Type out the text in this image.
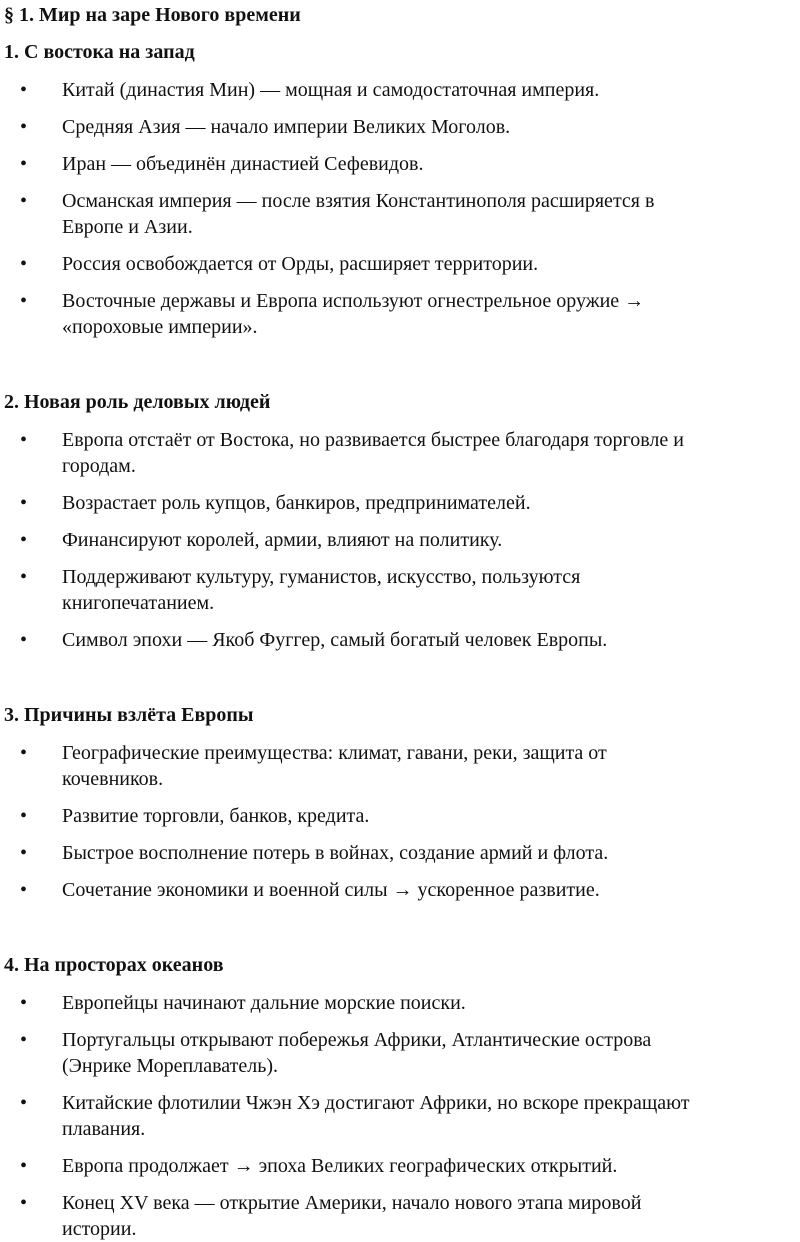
§ 1. Мир на заре Нового времени
1. С востока на запад
• Китай (династия Мин) — мощная и самодостаточная империя.
• Средняя Азия — начало империи Великих Моголов.
• Иран — объединён династией Сефевидов.
• Османская империя — после взятия Константинополя расширяется в
Европе и Азии.
• Россия освобождается от Орды, расширяет территории.
• Восточные державы и Европа используют огнестрельное оружие →
«пороховые империи».
2. Новая роль деловых людей
• Европа отстаёт от Востока, но развивается быстрее благодаря торговле и
городам.
• Возрастает роль купцов, банкиров, предпринимателей.
• Финансируют королей, армии, влияют на политику.
• Поддерживают культуру, гуманистов, искусство, пользуются
книгопечатанием.
• Символ эпохи — Якоб Фуггер, самый богатый человек Европы.
3. Причины взлёта Европы
• Географические преимущества: климат, гавани, реки, защита от
кочевников.
• Развитие торговли, банков, кредита.
• Быстрое восполнение потерь в войнах, создание армий и флота.
• Сочетание экономики и военной силы → ускоренное развитие.
4. На просторах океанов
• Европейцы начинают дальние морские поиски.
• Португальцы открывают побережья Африки, Атлантические острова
(Энрике Мореплаватель).
• Китайские флотилии Чжэн Хэ достигают Африки, но вскоре прекращают
плавания.
• Европа продолжает → эпоха Великих географических открытий.
• Конец XV века — открытие Америки, начало нового этапа мировой
истории.
